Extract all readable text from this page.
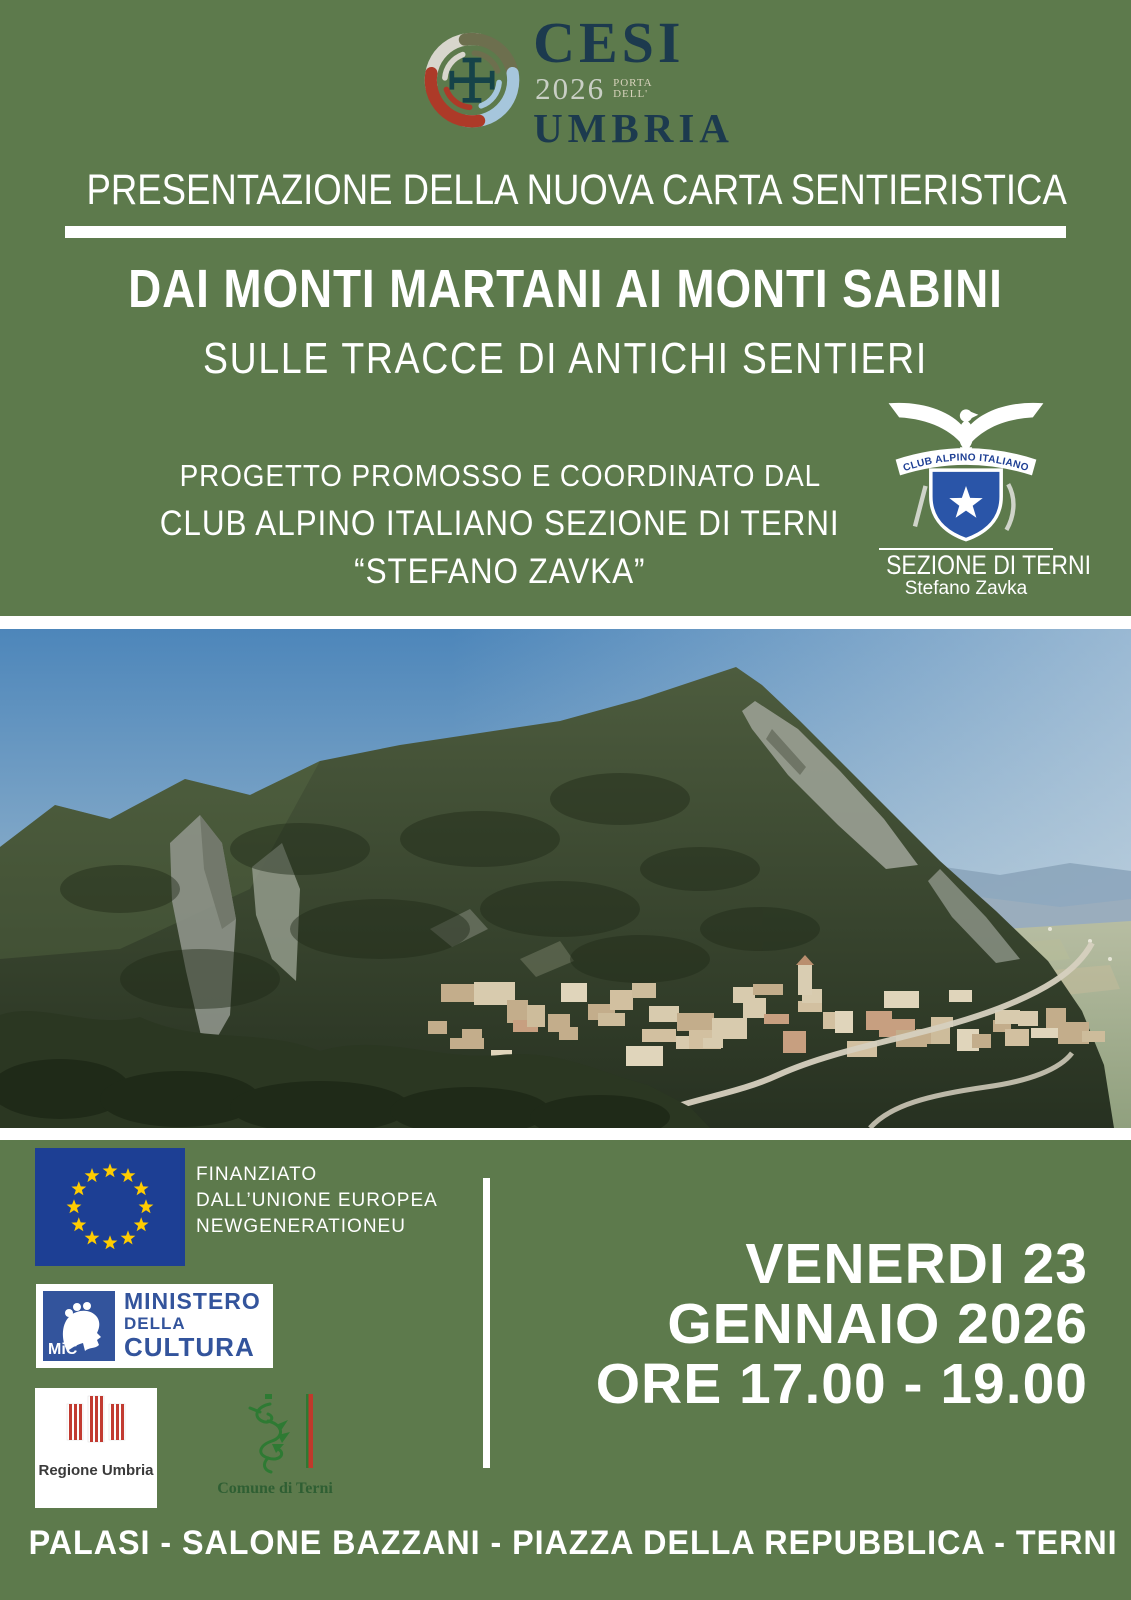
CESI
2026 PORTA
DELL'
UMBRIA
PRESENTAZIONE DELLA NUOVA CARTA SENTIERISTICA
DAI MONTI MARTANI AI MONTI SABINI
SULLE TRACCE DI ANTICHI SENTIERI
PROGETTO PROMOSSO E COORDINATO DAL
CLUB ALPINO ITALIANO SEZIONE DI TERNI
“STEFANO ZAVKA”
CLUB ALPINO ITALIANO
SEZIONE DI TERNI
Stefano Zavka
FINANZIATO
DALL’UNIONE EUROPEA
NEWGENERATIONEU
MiC
MINISTERO
DELLA
CULTURA
Regione Umbria
Comune di Terni
VENERDI 23
GENNAIO 2026
ORE 17.00 - 19.00
PALASI - SALONE BAZZANI - PIAZZA DELLA REPUBBLICA - TERNI
